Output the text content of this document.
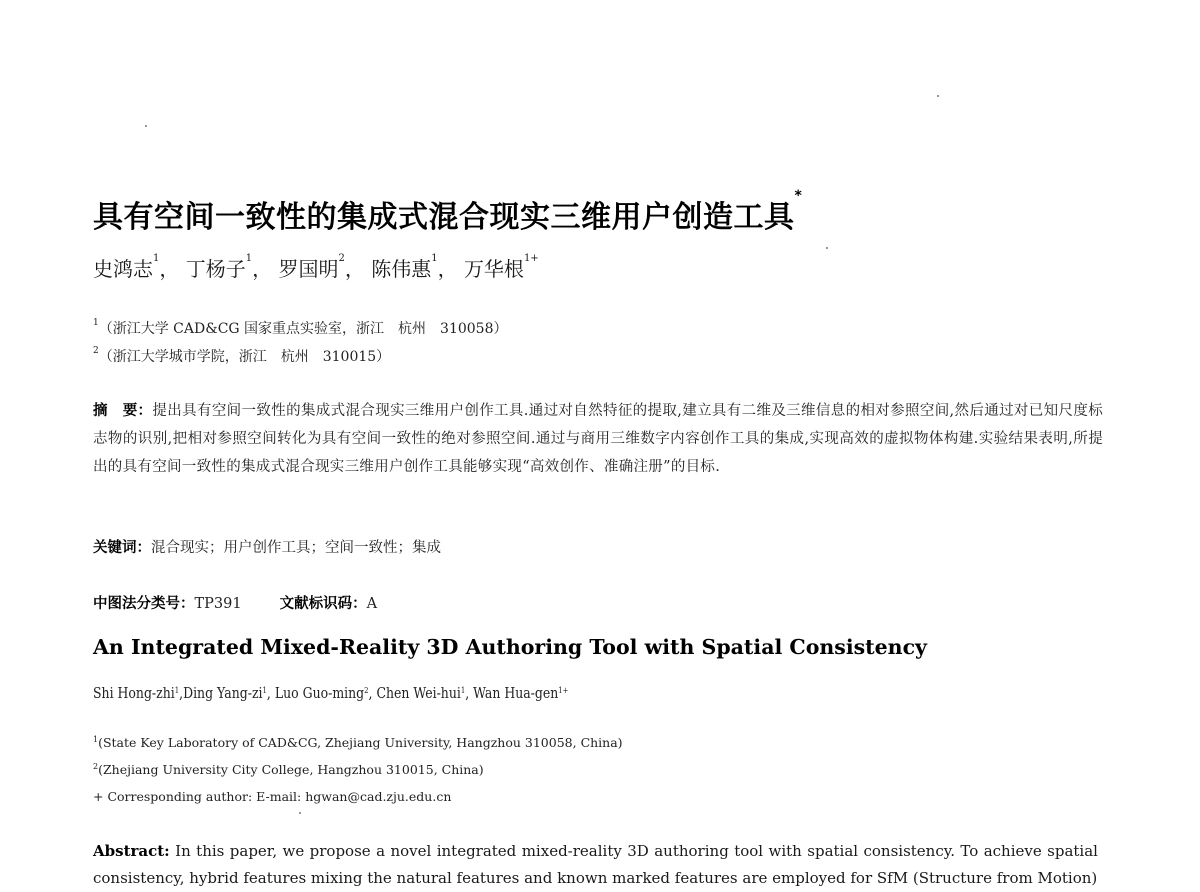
具有空间一致性的集成式混合现实三维用户创造工具*
史鸿志$^1$， 丁杨子$^1$， 罗国明$^2$， 陈伟惠$^1$， 万华根$^{1+}$
$^1$（浙江大学 CAD&CG 国家重点实验室，浙江　杭州　310058）
$^2$（浙江大学城市学院，浙江　杭州　310015）
摘　要：提出具有空间一致性的集成式混合现实三维用户创作工具.通过对自然特征的提取,建立具有二维及三维信息的相对参照空间,然后通过对已知尺度标志物的识别,把相对参照空间转化为具有空间一致性的绝对参照空间.通过与商用三维数字内容创作工具的集成,实现高效的虚拟物体构建.实验结果表明,所提出的具有空间一致性的集成式混合现实三维用户创作工具能够实现“高效创作、准确注册”的目标.
关键词：混合现实；用户创作工具；空间一致性；集成
中图法分类号：TP391	文献标识码：A
An Integrated Mixed-Reality 3D Authoring Tool with Spatial Consistency
Shi Hong-zhi$^1$,Ding Yang-$zi^1$, Luo Guo-ming$^2$, Chen Wei-hui$^1$, Wan Hua-gen$^{1+}$
$^1$(State Key Laboratory of CAD&CG, Zhejiang University, Hangzhou 310058, China)
$^2$(Zhejiang University City College, Hangzhou 310015, China)
+ Corresponding author: E-mail: hgwan@cad.zju.edu.cn
Abstract: In this paper, we propose a novel integrated mixed-reality 3D authoring tool with spatial consistency. To achieve spatial consistency, hybrid features mixing the natural features and known marked features are employed for SfM (Structure from Motion)
